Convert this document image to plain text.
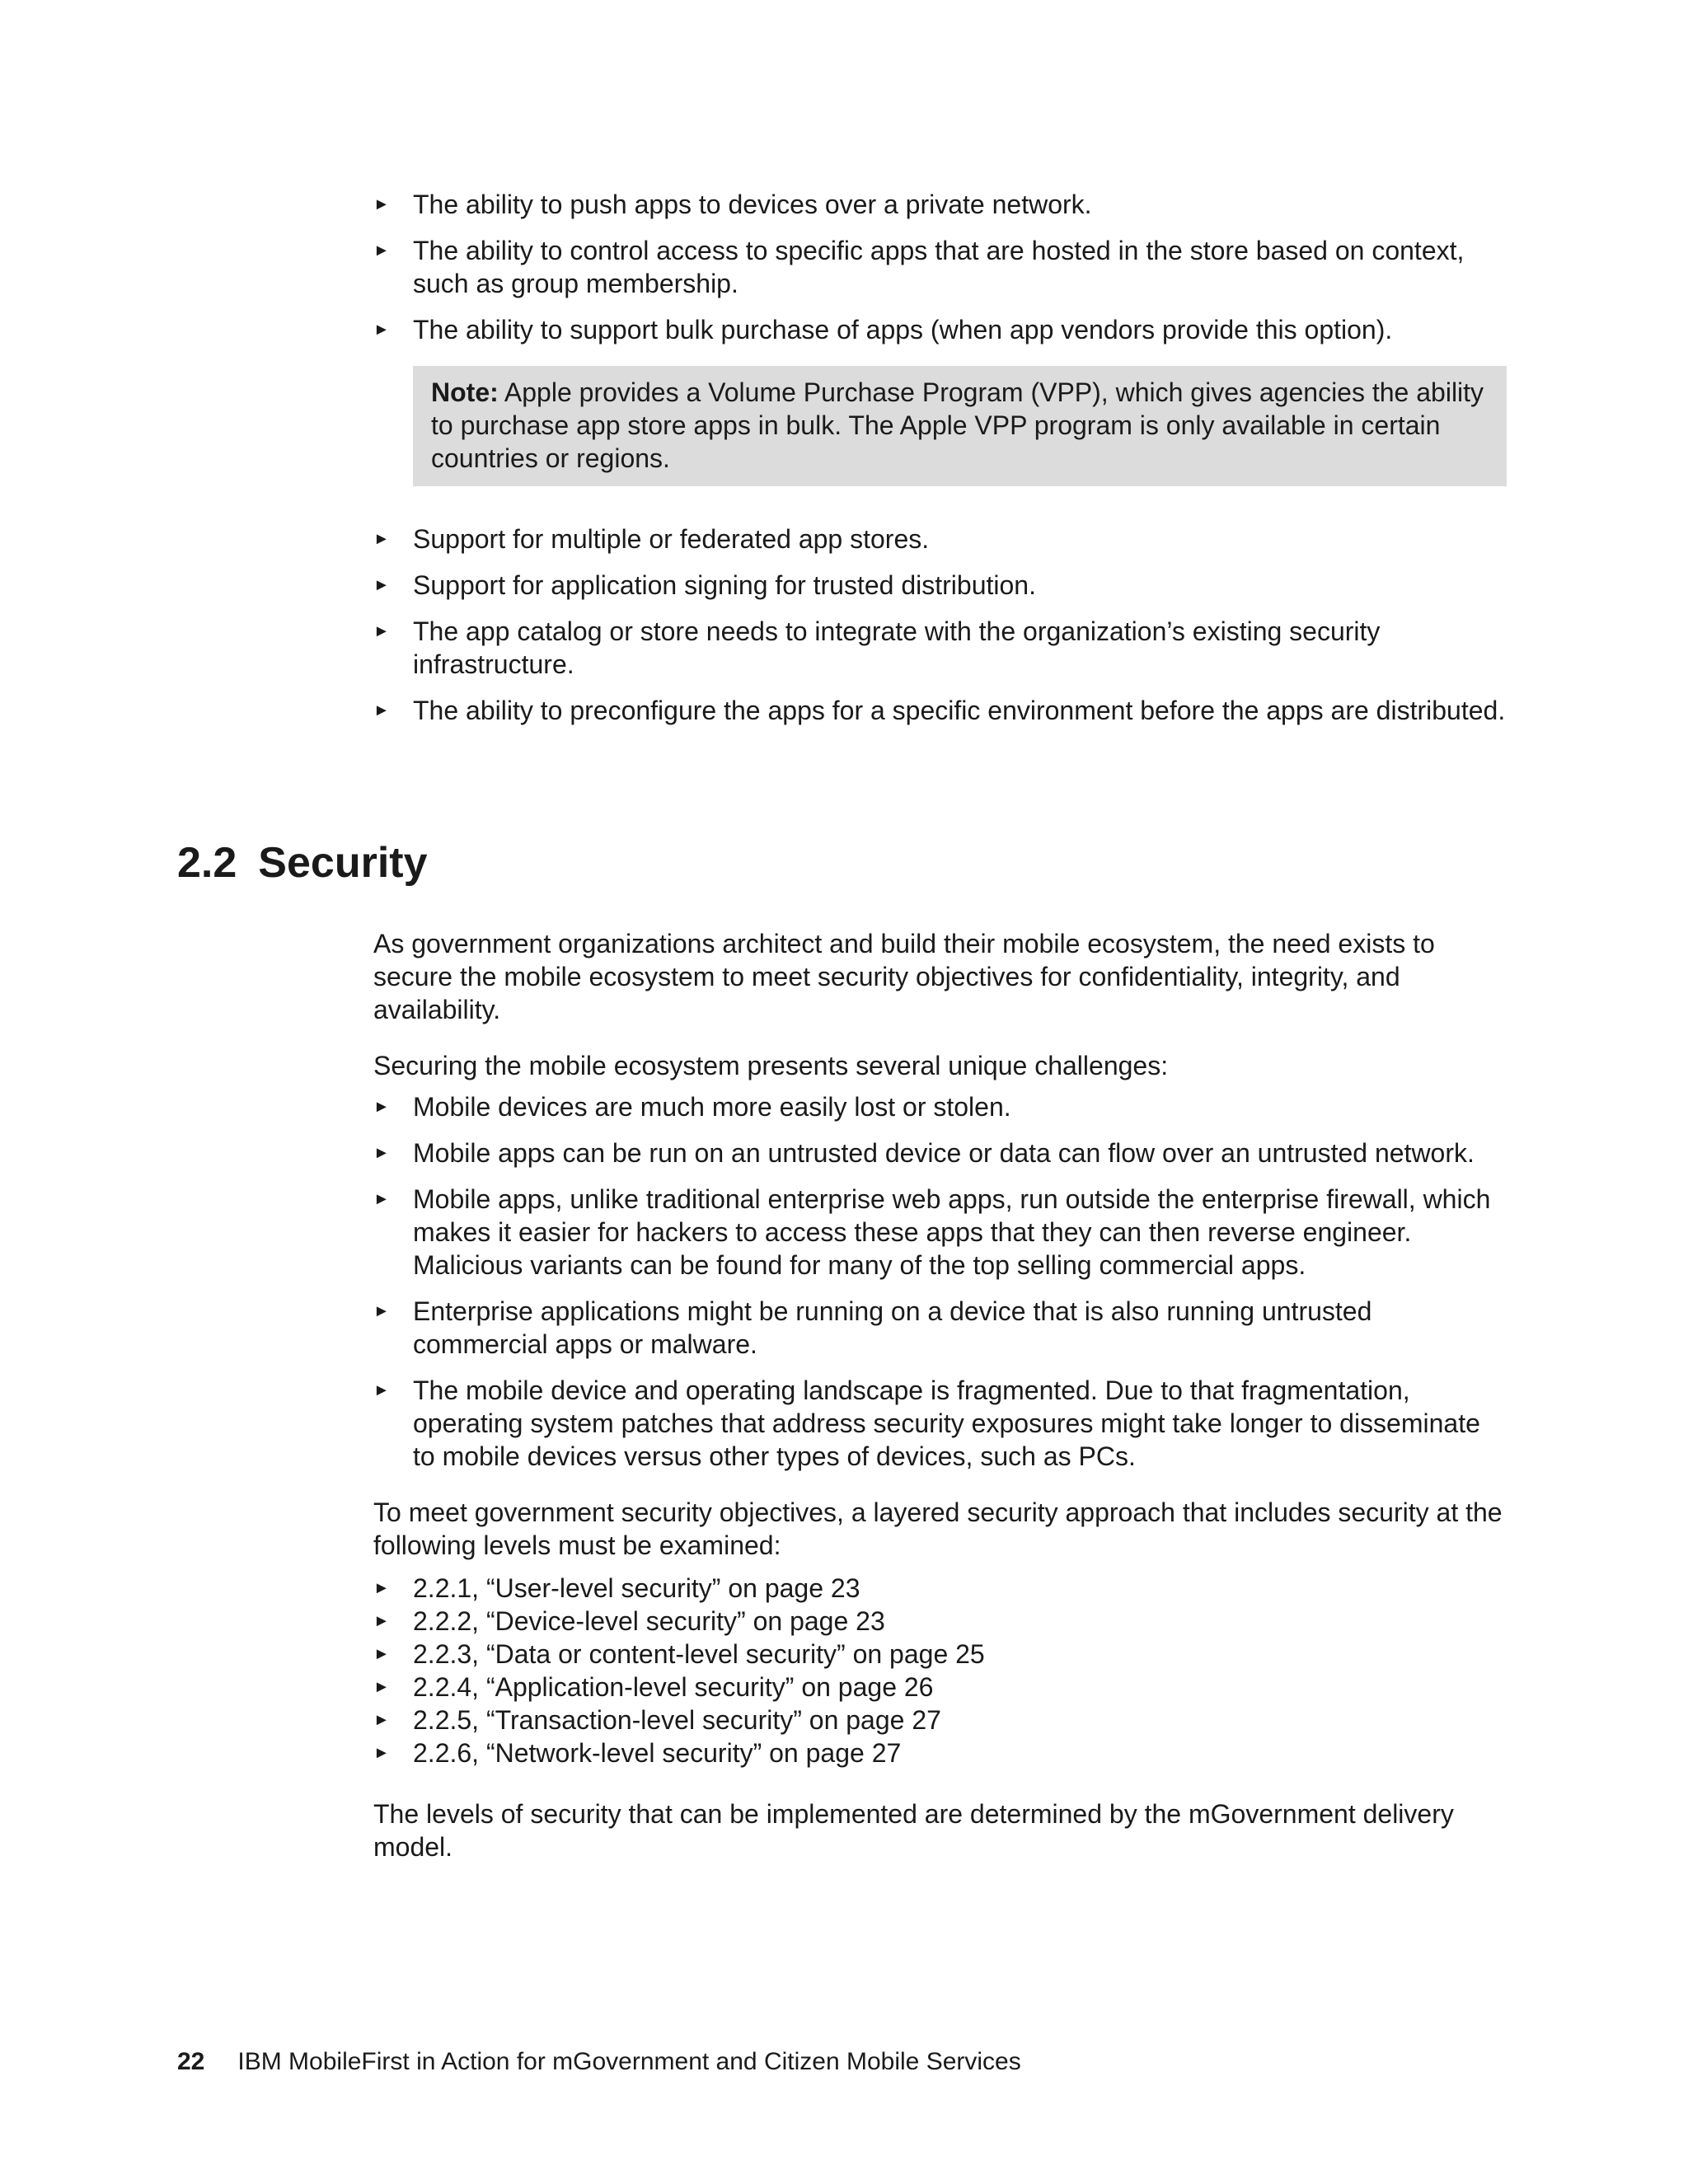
► The ability to push apps to devices over a private network.
► The ability to control access to specific apps that are hosted in the store based on context, such as group membership.
► The ability to support bulk purchase of apps (when app vendors provide this option).
Note: Apple provides a Volume Purchase Program (VPP), which gives agencies the ability to purchase app store apps in bulk. The Apple VPP program is only available in certain countries or regions.
► Support for multiple or federated app stores.
► Support for application signing for trusted distribution.
► The app catalog or store needs to integrate with the organization’s existing security infrastructure.
► The ability to preconfigure the apps for a specific environment before the apps are distributed.
2.2 Security

As government organizations architect and build their mobile ecosystem, the need exists to secure the mobile ecosystem to meet security objectives for confidentiality, integrity, and availability.

Securing the mobile ecosystem presents several unique challenges:

► Mobile devices are much more easily lost or stolen.
► Mobile apps can be run on an untrusted device or data can flow over an untrusted network.
► Mobile apps, unlike traditional enterprise web apps, run outside the enterprise firewall, which makes it easier for hackers to access these apps that they can then reverse engineer. Malicious variants can be found for many of the top selling commercial apps.
► Enterprise applications might be running on a device that is also running untrusted commercial apps or malware.
► The mobile device and operating landscape is fragmented. Due to that fragmentation, operating system patches that address security exposures might take longer to disseminate to mobile devices versus other types of devices, such as PCs.

To meet government security objectives, a layered security approach that includes security at the following levels must be examined:

► 2.2.1, “User-level security” on page 23
► 2.2.2, “Device-level security” on page 23
► 2.2.3, “Data or content-level security” on page 25
► 2.2.4, “Application-level security” on page 26
► 2.2.5, “Transaction-level security” on page 27
► 2.2.6, “Network-level security” on page 27

The levels of security that can be implemented are determined by the mGovernment delivery model.

22 IBM MobileFirst in Action for mGovernment and Citizen Mobile Services
